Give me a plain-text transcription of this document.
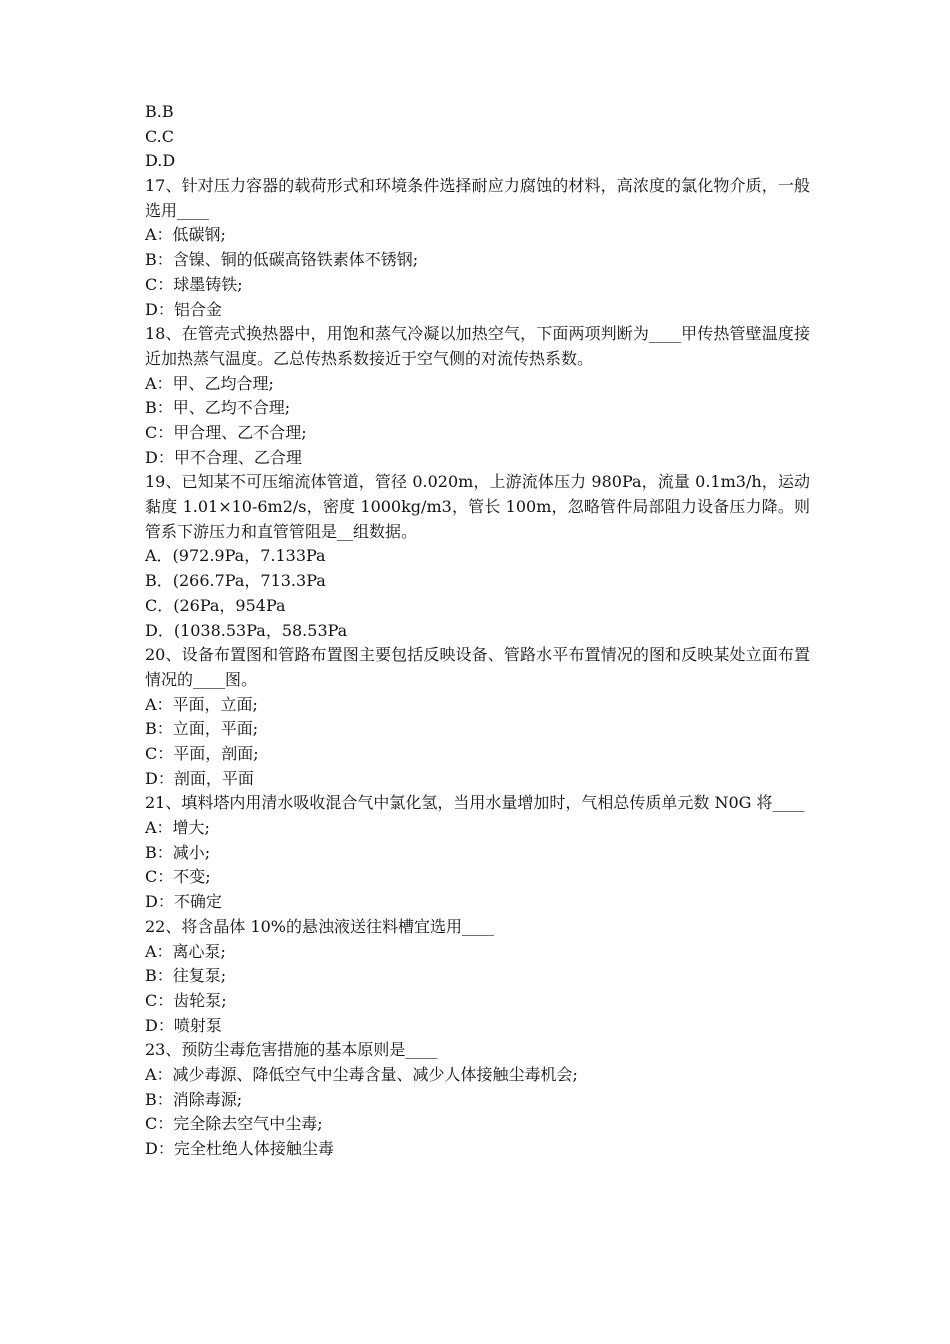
B.B
C.C
D.D
17、针对压力容器的载荷形式和环境条件选择耐应力腐蚀的材料，高浓度的氯化物介质，一般选用____
A：低碳钢;
B：含镍、铜的低碳高铬铁素体不锈钢;
C：球墨铸铁;
D：铝合金
18、在管壳式换热器中，用饱和蒸气冷凝以加热空气，下面两项判断为____甲传热管壁温度接近加热蒸气温度。乙总传热系数接近于空气侧的对流传热系数。
A：甲、乙均合理;
B：甲、乙均不合理;
C：甲合理、乙不合理;
D：甲不合理、乙合理
19、已知某不可压缩流体管道，管径 0.020m，上游流体压力 980Pa，流量 0.1m3/h，运动黏度 1.01×10-6m2/s，密度 1000kg/m3，管长 100m，忽略管件局部阻力设备压力降。则管系下游压力和直管管阻是__组数据。
A．(972.9Pa，7.133Pa
B．(266.7Pa，713.3Pa
C．(26Pa，954Pa
D．(1038.53Pa，58.53Pa
20、设备布置图和管路布置图主要包括反映设备、管路水平布置情况的图和反映某处立面布置情况的____图。
A：平面，立面;
B：立面，平面;
C：平面，剖面;
D：剖面，平面
21、填料塔内用清水吸收混合气中氯化氢，当用水量增加时，气相总传质单元数 N0G 将____
A：增大;
B：减小;
C：不变;
D：不确定
22、将含晶体 10%的悬浊液送往料槽宜选用____
A：离心泵;
B：往复泵;
C：齿轮泵;
D：喷射泵
23、预防尘毒危害措施的基本原则是____
A：减少毒源、降低空气中尘毒含量、减少人体接触尘毒机会;
B：消除毒源;
C：完全除去空气中尘毒;
D：完全杜绝人体接触尘毒
